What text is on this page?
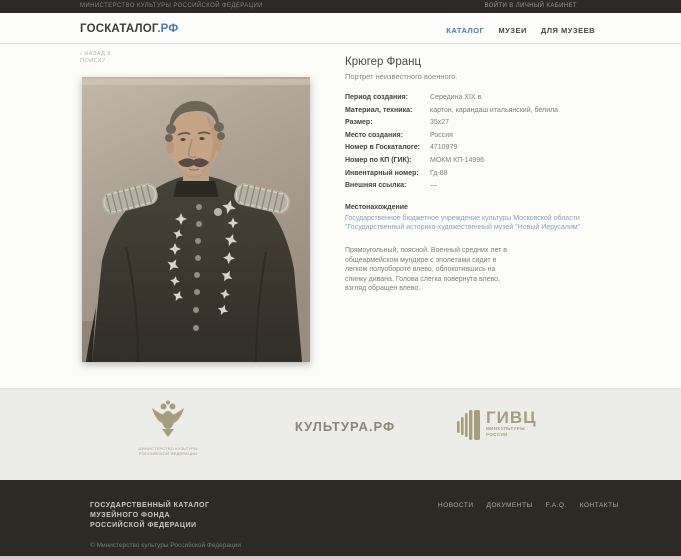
МИНИСТЕРСТВО КУЛЬТУРЫ РОССИЙСКОЙ ФЕДЕРАЦИИ	ВОЙТИ В ЛИЧНЫЙ КАБИНЕТ
ГОСКАТАЛОГ.РФ	КАТАЛОГ МУЗЕИ ДЛЯ МУЗЕЕВ
‹ НАЗАД К
ПОИСКУ	Крюгер Франц
Портрет неизвестного военного.
Период создания:	Середина XIX в.
Материал, техника:	картон, карандаш итальянский, белила
Размер:	35х27
Место создания:	Россия
Номер в Госкаталоге:	4710979
Номер по КП (ГИК):	МОКМ КП-14996
Инвентарный номер:	Гд-88
Внешняя ссылка:	—
Местонахождение
Государственное бюджетное учреждение культуры Московской области "Государственный историко-художественный музей "Новый Иерусалим"
Прямоугольный, поясной. Военный средних лет в общеармейском мундире с эполетами сидит в легком полуобороте влево, облокотившись на спинку дивана. Голова слегка повернута влево, взгляд обращен влево.
МИНИСТЕРСТВО КУЛЬТУРЫ
РОССИЙСКОЙ ФЕДЕРАЦИИ
КУЛЬТУРА.РФ	ГИВЦ
МИНКУЛЬТУРЫ
РОССИИ
ГОСУДАРСТВЕННЫЙ КАТАЛОГ
МУЗЕЙНОГО ФОНДА
РОССИЙСКОЙ ФЕДЕРАЦИИ
НОВОСТИ ДОКУМЕНТЫ F.A.Q. КОНТАКТЫ
© Министерство культуры Российской Федерации
